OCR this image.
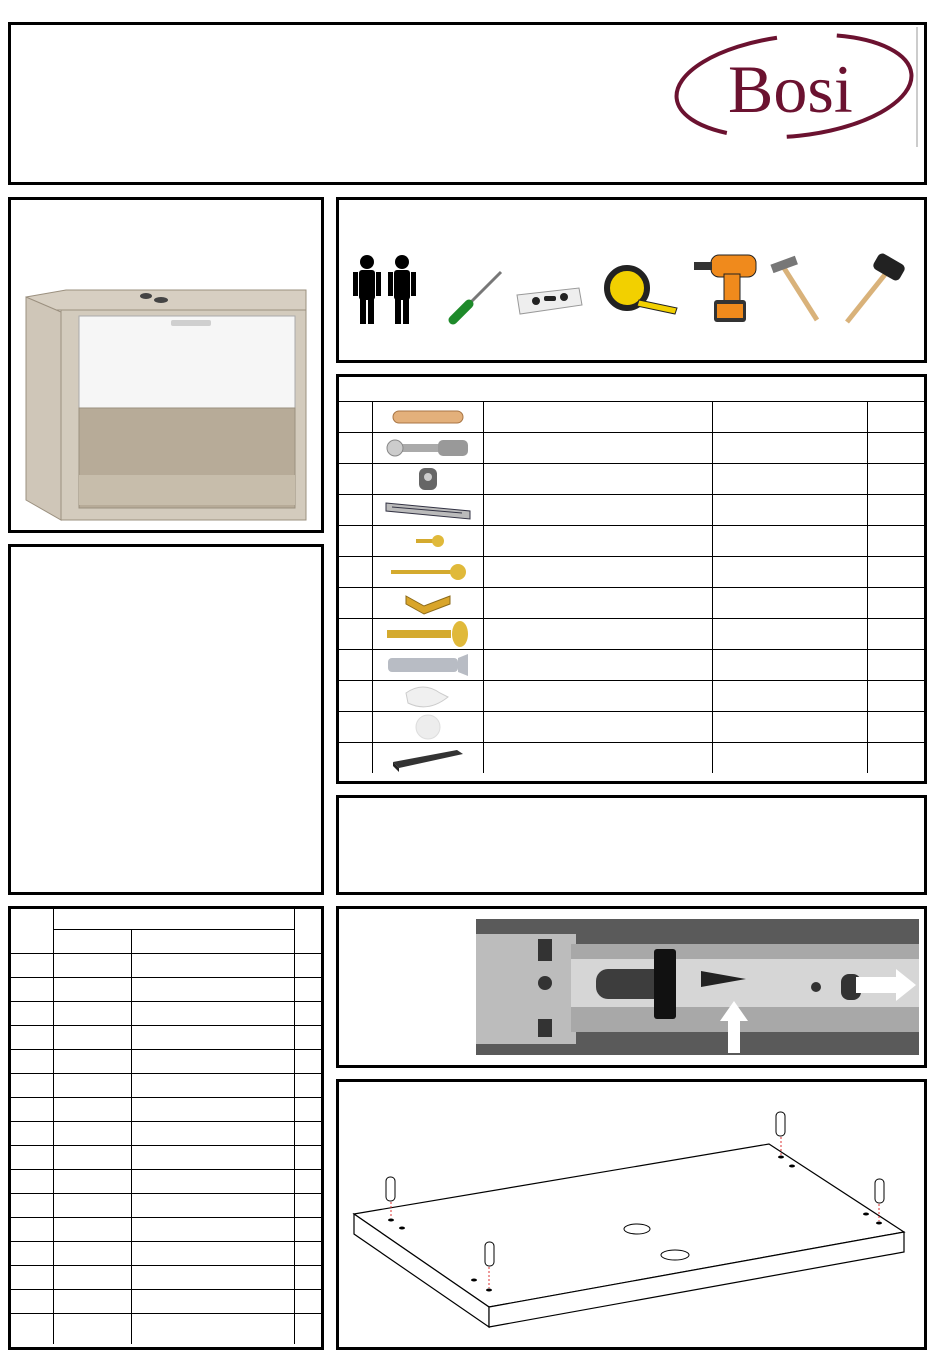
Bosi
